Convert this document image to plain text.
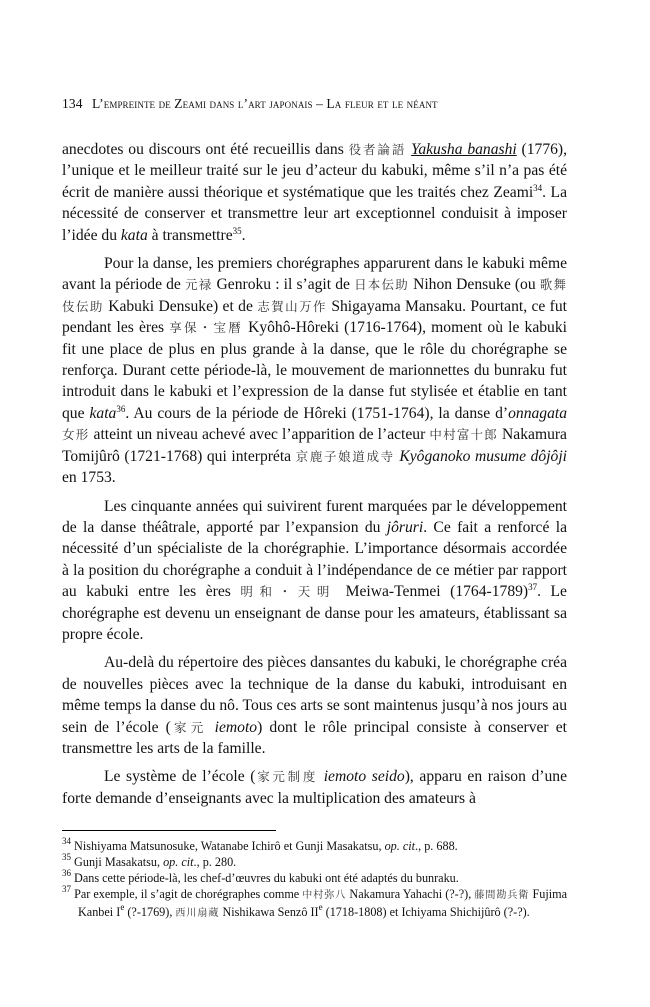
134 L’empreinte de Zeami dans l’art japonais – La fleur et le néant

anecdotes ou discours ont été recueillis dans 役者論語 Yakusha banashi (1776), l’unique et le meilleur traité sur le jeu d’acteur du kabuki, même s’il n’a pas été écrit de manière aussi théorique et systématique que les traités chez Zeami$^{34}$. La nécessité de conserver et transmettre leur art exceptionnel conduisit à imposer l’idée du kata à transmettre$^{35}$.

Pour la danse, les premiers chorégraphes apparurent dans le kabuki même avant la période de 元禄 Genroku : il s’agit de 日本伝助 Nihon Densuke (ou 歌舞伎伝助 Kabuki Densuke) et de 志賀山万作 Shigayama Mansaku. Pourtant, ce fut pendant les ères 享保・宝暦 Kyôhô-Hôreki (1716-1764), moment où le kabuki fit une place de plus en plus grande à la danse, que le rôle du chorégraphe se renforça. Durant cette période-là, le mouvement de marionnettes du bunraku fut introduit dans le kabuki et l’expression de la danse fut stylisée et établie en tant que kata$^{36}$. Au cours de la période de Hôreki (1751-1764), la danse d’onnagata 女形 atteint un niveau achevé avec l’apparition de l’acteur 中村富十郎 Nakamura Tomijûrô (1721-1768) qui interpréta 京鹿子娘道成寺 Kyôganoko musume dôjôji en 1753.

Les cinquante années qui suivirent furent marquées par le développement de la danse théâtrale, apporté par l’expansion du jôruri. Ce fait a renforcé la nécessité d’un spécialiste de la chorégraphie. L’importance désormais accordée à la position du chorégraphe a conduit à l’indépendance de ce métier par rapport au kabuki entre les ères 明和・天明 Meiwa-Tenmei (1764-1789)$^{37}$. Le chorégraphe est devenu un enseignant de danse pour les amateurs, établissant sa propre école.

Au-delà du répertoire des pièces dansantes du kabuki, le chorégraphe créa de nouvelles pièces avec la technique de la danse du kabuki, introduisant en même temps la danse du nô. Tous ces arts se sont maintenus jusqu’à nos jours au sein de l’école (家元 iemoto) dont le rôle principal consiste à conserver et transmettre les arts de la famille.

Le système de l’école (家元制度 iemoto seido), apparu en raison d’une forte demande d’enseignants avec la multiplication des amateurs à

$^{34}$ Nishiyama Matsunosuke, Watanabe Ichirô et Gunji Masakatsu, op. cit., p. 688.
$^{35}$ Gunji Masakatsu, op. cit., p. 280.
$^{36}$ Dans cette période-là, les chef-d’œuvres du kabuki ont été adaptés du bunraku.
$^{37}$ Par exemple, il s’agit de chorégraphes comme 中村弥八 Nakamura Yahachi (?-?), 藤間勘兵衛 Fujima Kanbei Ie (?-1769), 西川扇蔵 Nishikawa Senzô IIe (1718-1808) et Ichiyama Shichijûrô (?-?).
